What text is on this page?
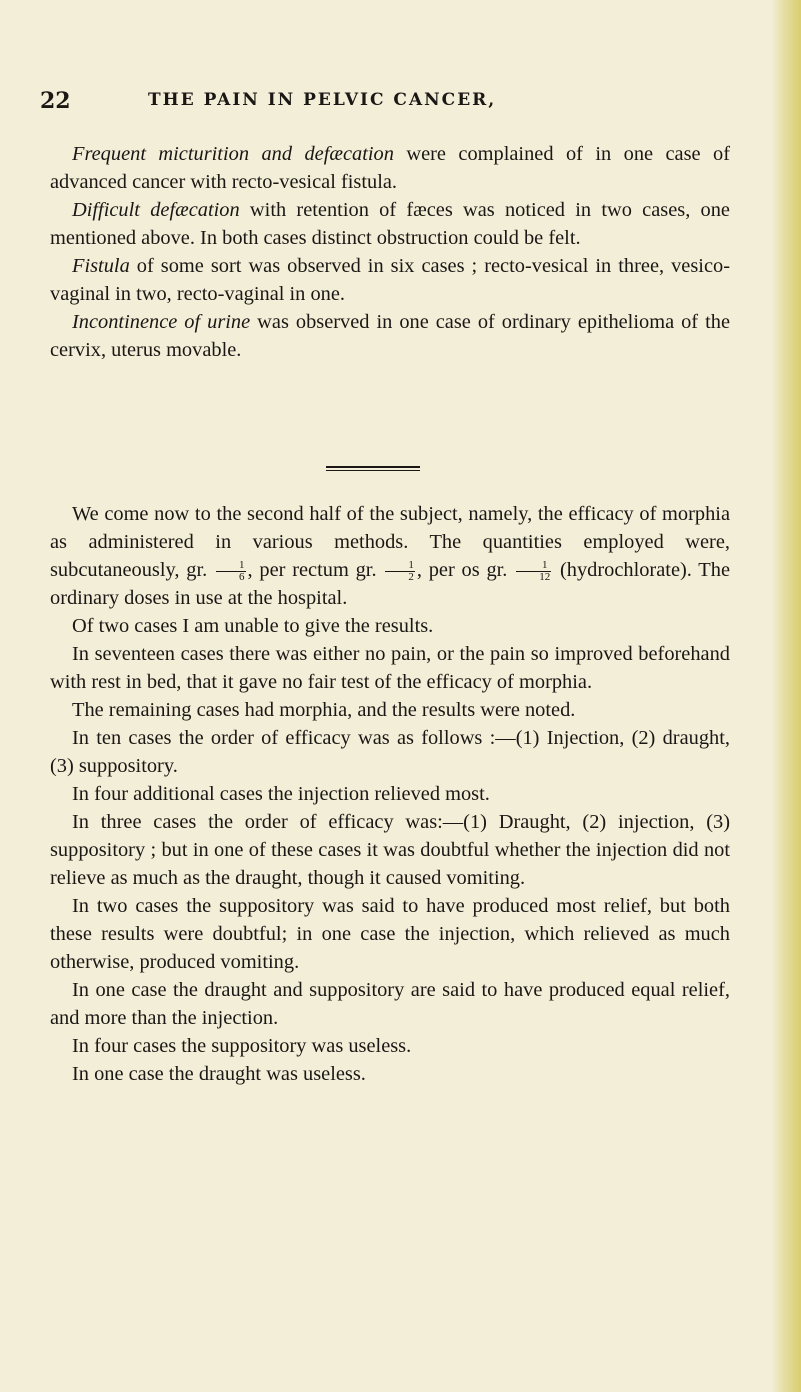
22	THE PAIN IN PELVIC CANCER,

Frequent micturition and defæcation were complained of in one case of advanced cancer with recto-vesical fistula.

Difficult defæcation with retention of fæces was noticed in two cases, one mentioned above. In both cases distinct obstruction could be felt.

Fistula of some sort was observed in six cases ; recto-vesical in three, vesico-vaginal in two, recto-vaginal in one.

Incontinence of urine was observed in one case of ordinary epithelioma of the cervix, uterus movable.

We come now to the second half of the subject, namely, the efficacy of morphia as administered in various methods. The quantities employed were, subcutaneously, gr. $\frac{1}{6}$ , per rectum gr. $\frac{1}{2}$ , per os gr. $\frac{1}{12}$ (hydrochlorate). The ordinary doses in use at the hospital.

Of two cases I am unable to give the results.

In seventeen cases there was either no pain, or the pain so improved beforehand with rest in bed, that it gave no fair test of the efficacy of morphia.

The remaining cases had morphia, and the results were noted.

In ten cases the order of efficacy was as follows :—(1) Injection, (2) draught, (3) suppository.

In four additional cases the injection relieved most.

In three cases the order of efficacy was:—(1) Draught, (2) injection, (3) suppository ; but in one of these cases it was doubtful whether the injection did not relieve as much as the draught, though it caused vomiting.

In two cases the suppository was said to have produced most relief, but both these results were doubtful; in one case the injection, which relieved as much otherwise, produced vomiting.

In one case the draught and suppository are said to have produced equal relief, and more than the injection.

In four cases the suppository was useless.

In one case the draught was useless.
